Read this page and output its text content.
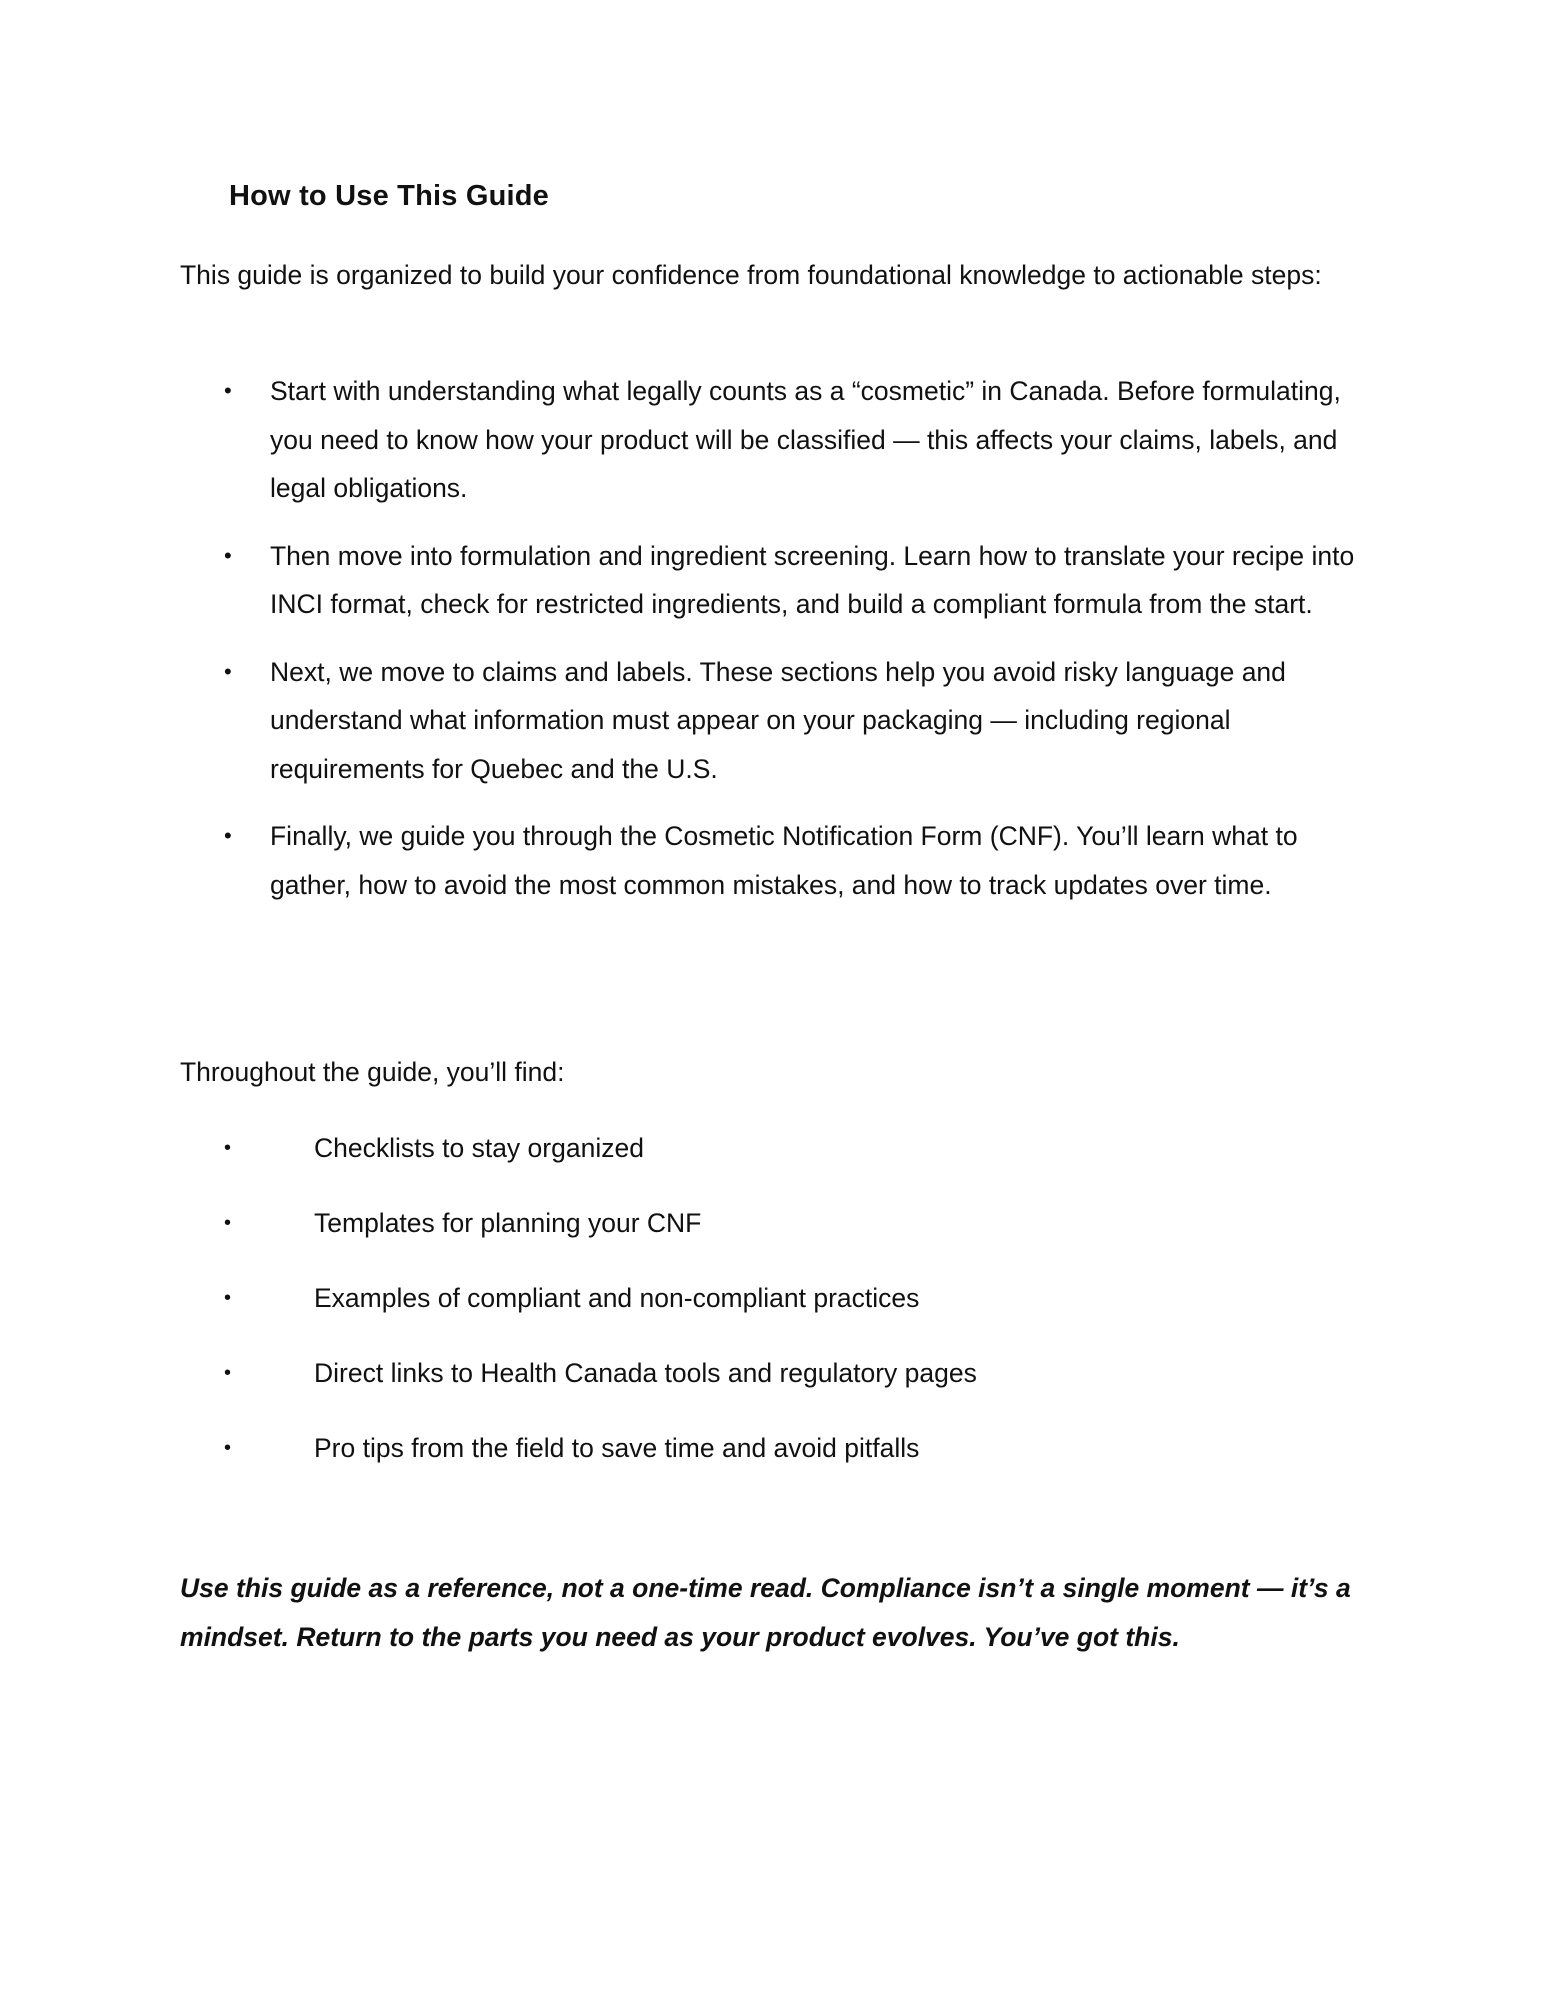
How to Use This Guide

This guide is organized to build your confidence from foundational knowledge to actionable steps:

• Start with understanding what legally counts as a “cosmetic” in Canada. Before formulating, you need to know how your product will be classified — this affects your claims, labels, and legal obligations.
• Then move into formulation and ingredient screening. Learn how to translate your recipe into INCI format, check for restricted ingredients, and build a compliant formula from the start.
• Next, we move to claims and labels. These sections help you avoid risky language and understand what information must appear on your packaging — including regional requirements for Quebec and the U.S.
• Finally, we guide you through the Cosmetic Notification Form (CNF). You’ll learn what to gather, how to avoid the most common mistakes, and how to track updates over time.

Throughout the guide, you’ll find:

•	Checklists to stay organized
•	Templates for planning your CNF
•	Examples of compliant and non-compliant practices
•	Direct links to Health Canada tools and regulatory pages
•	Pro tips from the field to save time and avoid pitfalls

Use this guide as a reference, not a one-time read. Compliance isn’t a single moment — it’s a mindset. Return to the parts you need as your product evolves. You’ve got this.
